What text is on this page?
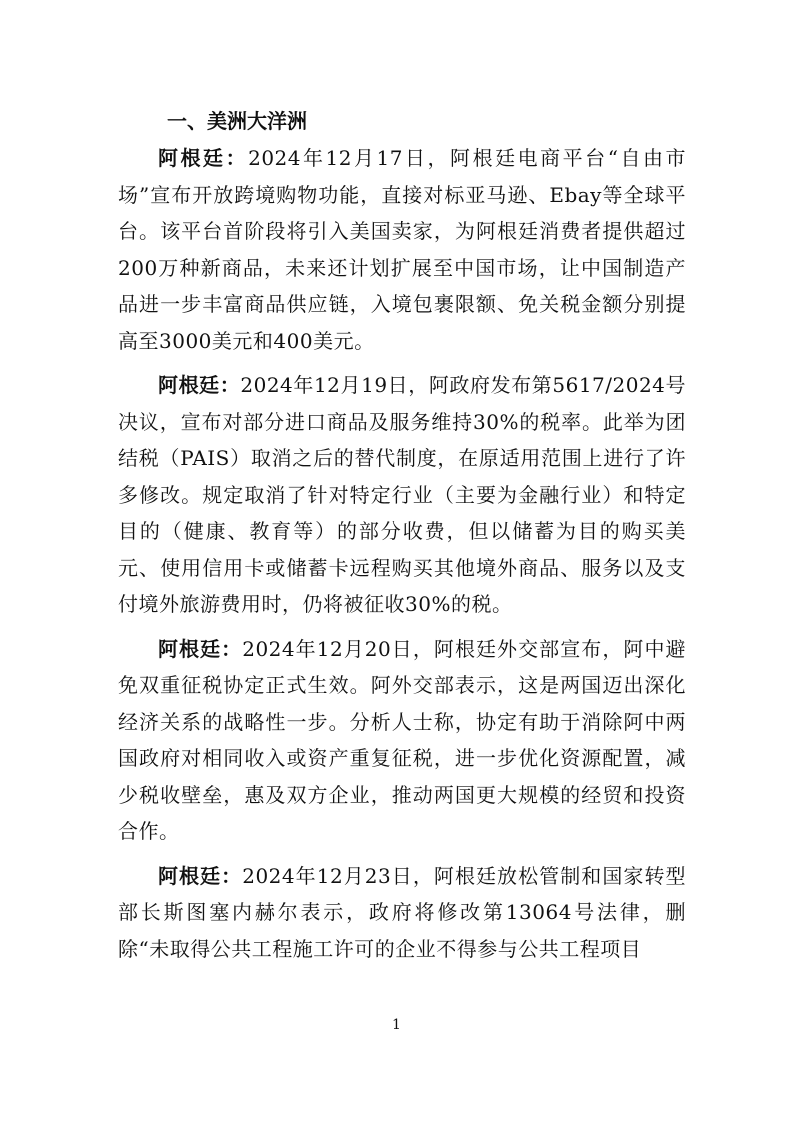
一、美洲大洋洲

阿根廷：2024年12月17日，阿根廷电商平台“自由市场”宣布开放跨境购物功能，直接对标亚马逊、Ebay等全球平台。该平台首阶段将引入美国卖家，为阿根廷消费者提供超过200万种新商品，未来还计划扩展至中国市场，让中国制造产品进一步丰富商品供应链，入境包裹限额、免关税金额分别提高至3000美元和400美元。

阿根廷：2024年12月19日，阿政府发布第5617/2024号决议，宣布对部分进口商品及服务维持30%的税率。此举为团结税（PAIS）取消之后的替代制度，在原适用范围上进行了许多修改。规定取消了针对特定行业（主要为金融行业）和特定目的（健康、教育等）的部分收费，但以储蓄为目的购买美元、使用信用卡或储蓄卡远程购买其他境外商品、服务以及支付境外旅游费用时，仍将被征收30%的税。

阿根廷：2024年12月20日，阿根廷外交部宣布，阿中避免双重征税协定正式生效。阿外交部表示，这是两国迈出深化经济关系的战略性一步。分析人士称，协定有助于消除阿中两国政府对相同收入或资产重复征税，进一步优化资源配置，减少税收壁垒，惠及双方企业，推动两国更大规模的经贸和投资合作。

阿根廷：2024年12月23日，阿根廷放松管制和国家转型部长斯图塞内赫尔表示，政府将修改第13064号法律，删除“未取得公共工程施工许可的企业不得参与公共工程项目

1
